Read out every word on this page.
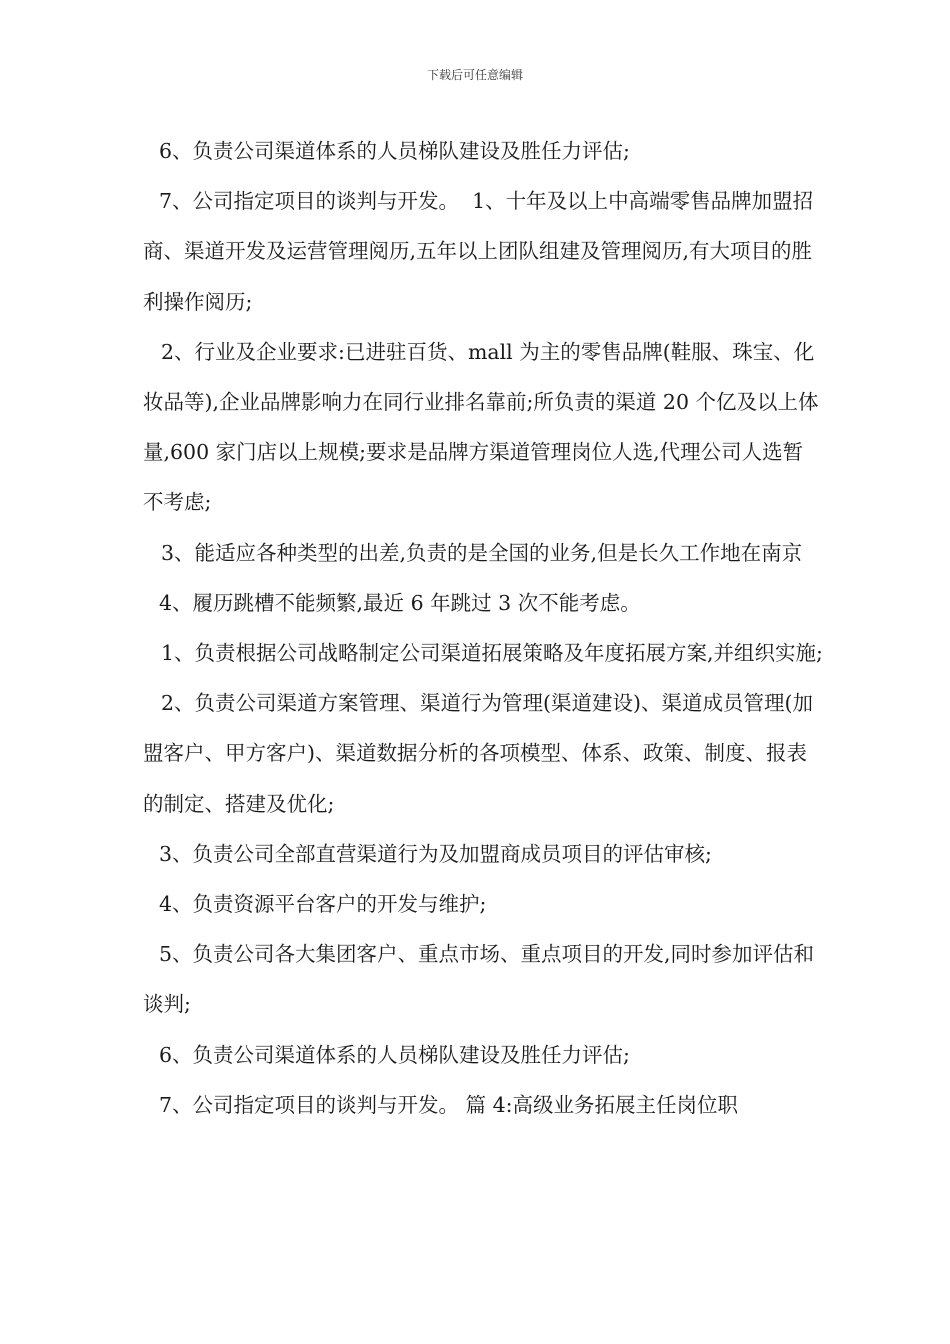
下载后可任意编辑

6、负责公司渠道体系的人员梯队建设及胜任力评估;

7、公司指定项目的谈判与开发。  1、十年及以上中高端零售品牌加盟招商、渠道开发及运营管理阅历,五年以上团队组建及管理阅历,有大项目的胜利操作阅历;

2、行业及企业要求:已进驻百货、mall 为主的零售品牌(鞋服、珠宝、化妆品等),企业品牌影响力在同行业排名靠前;所负责的渠道 20 个亿及以上体量,600 家门店以上规模;要求是品牌方渠道管理岗位人选,代理公司人选暂不考虑;

3、能适应各种类型的出差,负责的是全国的业务,但是长久工作地在南京

4、履历跳槽不能频繁,最近 6 年跳过 3 次不能考虑。

1、负责根据公司战略制定公司渠道拓展策略及年度拓展方案,并组织实施;

2、负责公司渠道方案管理、渠道行为管理(渠道建设)、渠道成员管理(加盟客户、甲方客户)、渠道数据分析的各项模型、体系、政策、制度、报表的制定、搭建及优化;

3、负责公司全部直营渠道行为及加盟商成员项目的评估审核;

4、负责资源平台客户的开发与维护;

5、负责公司各大集团客户、重点市场、重点项目的开发,同时参加评估和谈判;

6、负责公司渠道体系的人员梯队建设及胜任力评估;

7、公司指定项目的谈判与开发。 篇 4:高级业务拓展主任岗位职
